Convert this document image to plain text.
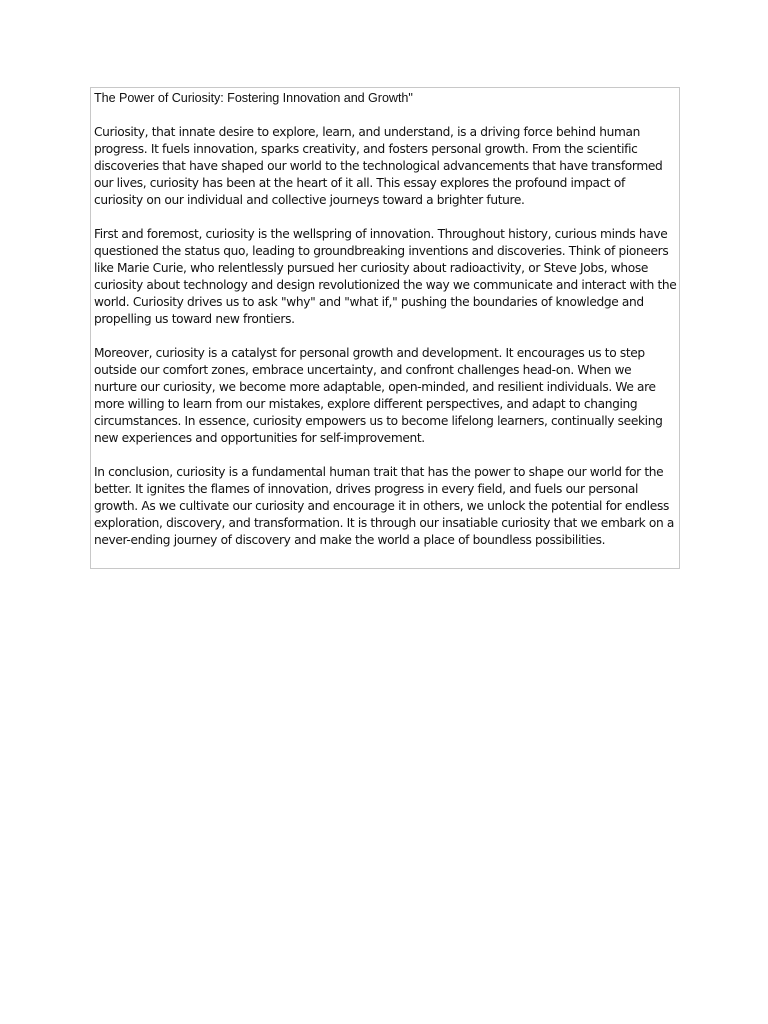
The Power of Curiosity: Fostering Innovation and Growth"

Curiosity, that innate desire to explore, learn, and understand, is a driving force behind human progress. It fuels innovation, sparks creativity, and fosters personal growth. From the scientific discoveries that have shaped our world to the technological advancements that have transformed our lives, curiosity has been at the heart of it all. This essay explores the profound impact of curiosity on our individual and collective journeys toward a brighter future.

First and foremost, curiosity is the wellspring of innovation. Throughout history, curious minds have questioned the status quo, leading to groundbreaking inventions and discoveries. Think of pioneers like Marie Curie, who relentlessly pursued her curiosity about radioactivity, or Steve Jobs, whose curiosity about technology and design revolutionized the way we communicate and interact with the world. Curiosity drives us to ask "why" and "what if," pushing the boundaries of knowledge and propelling us toward new frontiers.

Moreover, curiosity is a catalyst for personal growth and development. It encourages us to step outside our comfort zones, embrace uncertainty, and confront challenges head-on. When we nurture our curiosity, we become more adaptable, open-minded, and resilient individuals. We are more willing to learn from our mistakes, explore different perspectives, and adapt to changing circumstances. In essence, curiosity empowers us to become lifelong learners, continually seeking new experiences and opportunities for self-improvement.

In conclusion, curiosity is a fundamental human trait that has the power to shape our world for the better. It ignites the flames of innovation, drives progress in every field, and fuels our personal growth. As we cultivate our curiosity and encourage it in others, we unlock the potential for endless exploration, discovery, and transformation. It is through our insatiable curiosity that we embark on a never-ending journey of discovery and make the world a place of boundless possibilities.
